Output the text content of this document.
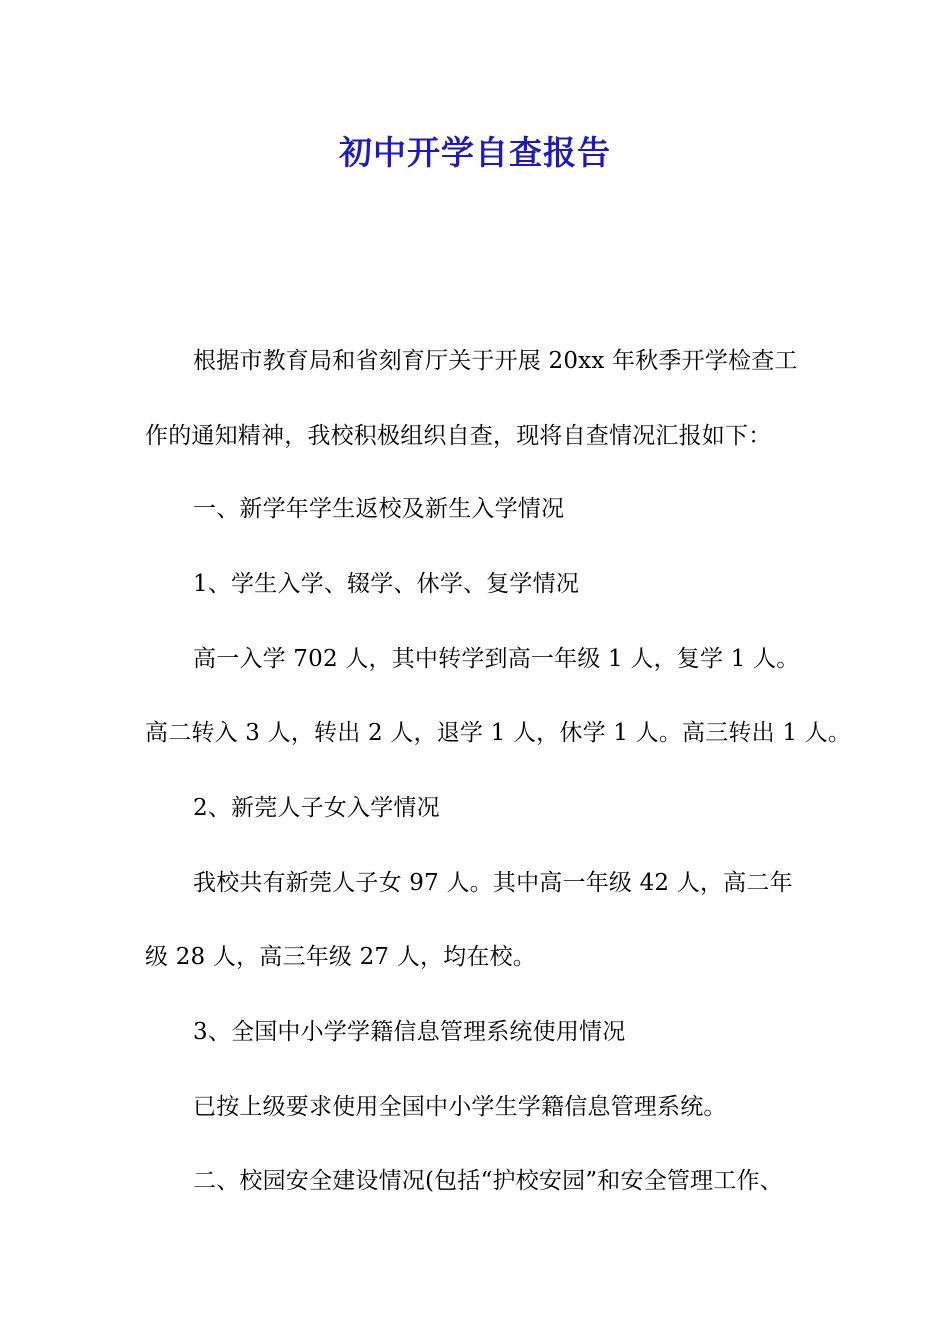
初中开学自查报告
根据市教育局和省刻育厅关于开展 20xx 年秋季开学检查工
作的通知精神，我校积极组织自查，现将自查情况汇报如下：
一、新学年学生返校及新生入学情况
1、学生入学、辍学、休学、复学情况
高一入学 702 人，其中转学到高一年级 1 人，复学 1 人。
高二转入 3 人，转出 2 人，退学 1 人，休学 1 人。高三转出 1 人。
2、新莞人子女入学情况
我校共有新莞人子女 97 人。其中高一年级 42 人，高二年
级 28 人，高三年级 27 人，均在校。
3、全国中小学学籍信息管理系统使用情况
已按上级要求使用全国中小学生学籍信息管理系统。
二、校园安全建设情况(包括“护校安园”和安全管理工作、
